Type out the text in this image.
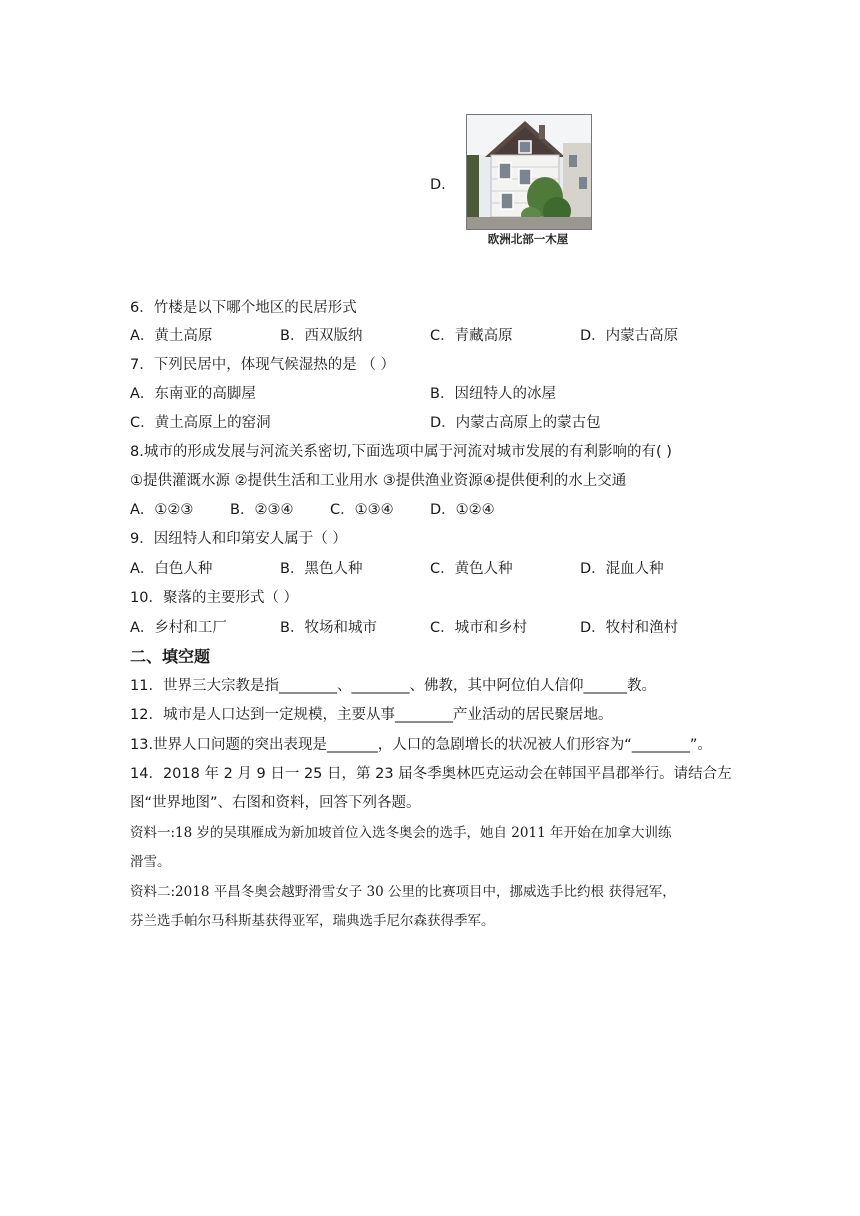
D.
欧洲北部一木屋
6．竹楼是以下哪个地区的民居形式
A．黄土高原	B．西双版纳	C．青藏高原	D．内蒙古高原
7．下列民居中，体现气候湿热的是 （ ）
A．东南亚的高脚屋	B．因纽特人的冰屋
C．黄土高原上的窑洞	D．内蒙古高原上的蒙古包
8.城市的形成发展与河流关系密切,下面选项中属于河流对城市发展的有利影响的有( )
①提供灌溉水源 ②提供生活和工业用水 ③提供渔业资源④提供便利的水上交通
A．①②③	B．②③④	C．①③④	D．①②④
9．因纽特人和印第安人属于（ ）
A．白色人种	B．黑色人种	C．黄色人种	D．混血人种
10．聚落的主要形式（ ）
A．乡村和工厂	B．牧场和城市	C．城市和乡村	D．牧村和渔村
二、填空题
11．世界三大宗教是指________、________、佛教，其中阿位伯人信仰______教。
12．城市是人口达到一定规模，主要从事________产业活动的居民聚居地。
13.世界人口问题的突出表现是_______，人口的急剧增长的状况被人们形容为“________”。
14．2018 年 2 月 9 日一 25 日，第 23 届冬季奥林匹克运动会在韩国平昌郡举行。请结合左
图“世界地图”、右图和资料，回答下列各题。
资料一:18 岁的吴琪雁成为新加坡首位入选冬奥会的选手，她自 2011 年开始在加拿大训练
滑雪。
资料二:2018 平昌冬奥会越野滑雪女子 30 公里的比赛项目中，挪威选手比约根 获得冠军，
芬兰选手帕尔马科斯基获得亚军，瑞典选手尼尔森获得季军。
